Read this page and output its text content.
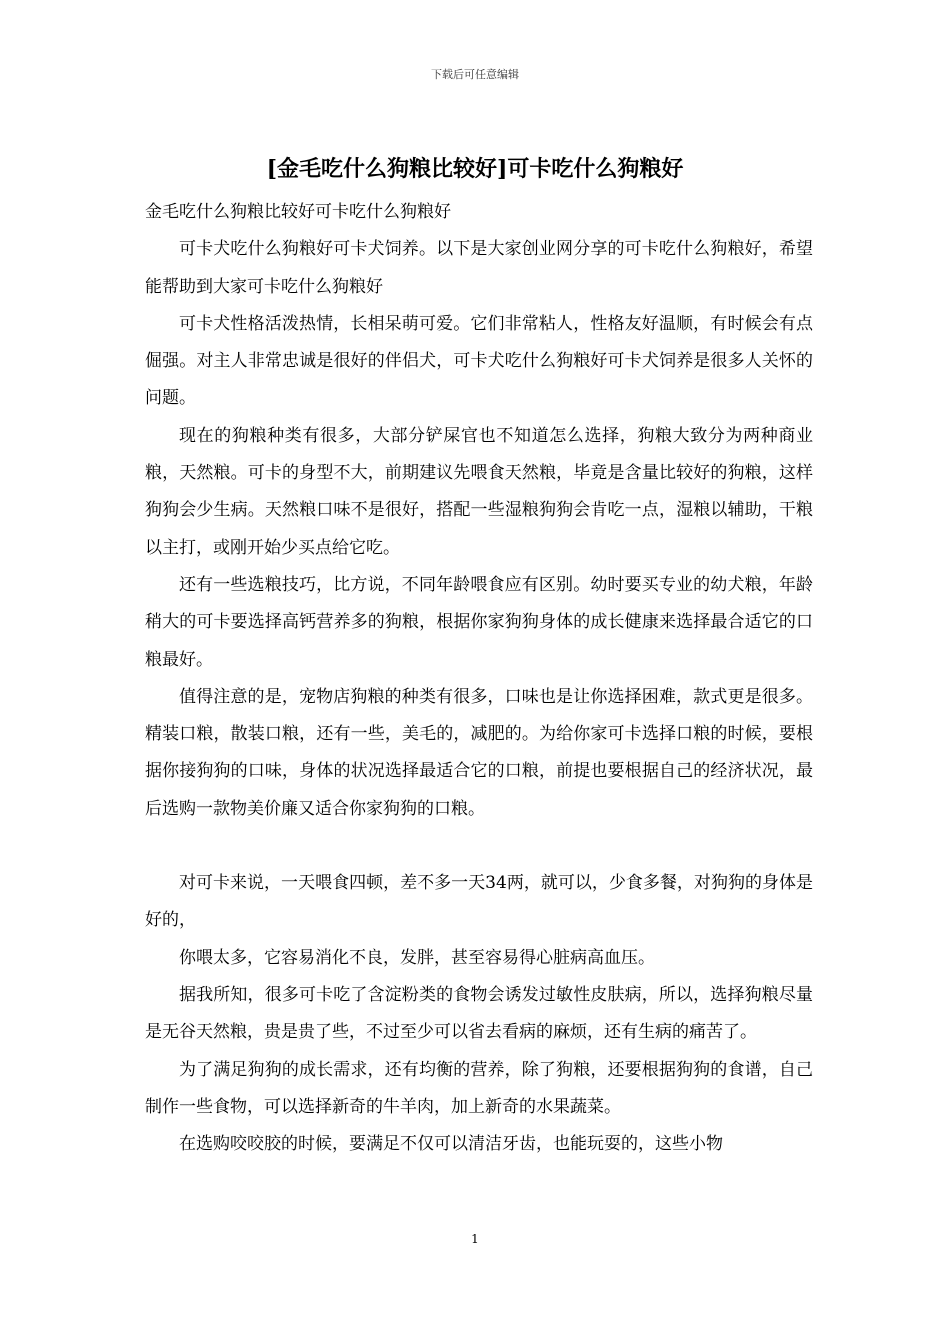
下载后可任意编辑
[金毛吃什么狗粮比较好]可卡吃什么狗粮好

金毛吃什么狗粮比较好可卡吃什么狗粮好

可卡犬吃什么狗粮好可卡犬饲养。以下是大家创业网分享的可卡吃什么狗粮好，希望能帮助到大家可卡吃什么狗粮好

可卡犬性格活泼热情，长相呆萌可爱。它们非常粘人，性格友好温顺，有时候会有点倔强。对主人非常忠诚是很好的伴侣犬，可卡犬吃什么狗粮好可卡犬饲养是很多人关怀的问题。

现在的狗粮种类有很多，大部分铲屎官也不知道怎么选择，狗粮大致分为两种商业粮，天然粮。可卡的身型不大，前期建议先喂食天然粮，毕竟是含量比较好的狗粮，这样狗狗会少生病。天然粮口味不是很好，搭配一些湿粮狗狗会肯吃一点，湿粮以辅助，干粮以主打，或刚开始少买点给它吃。

还有一些选粮技巧，比方说，不同年龄喂食应有区别。幼时要买专业的幼犬粮，年龄稍大的可卡要选择高钙营养多的狗粮，根据你家狗狗身体的成长健康来选择最合适它的口粮最好。

值得注意的是，宠物店狗粮的种类有很多，口味也是让你选择困难，款式更是很多。精装口粮，散装口粮，还有一些，美毛的，减肥的。为给你家可卡选择口粮的时候，要根据你接狗狗的口味，身体的状况选择最适合它的口粮，前提也要根据自己的经济状况，最后选购一款物美价廉又适合你家狗狗的口粮。

对可卡来说，一天喂食四顿，差不多一天34两，就可以，少食多餐，对狗狗的身体是好的，

你喂太多，它容易消化不良，发胖，甚至容易得心脏病高血压。

据我所知，很多可卡吃了含淀粉类的食物会诱发过敏性皮肤病，所以，选择狗粮尽量是无谷天然粮，贵是贵了些，不过至少可以省去看病的麻烦，还有生病的痛苦了。

为了满足狗狗的成长需求，还有均衡的营养，除了狗粮，还要根据狗狗的食谱，自己制作一些食物，可以选择新奇的牛羊肉，加上新奇的水果蔬菜。

在选购咬咬胶的时候，要满足不仅可以清洁牙齿，也能玩耍的，这些小物

1
